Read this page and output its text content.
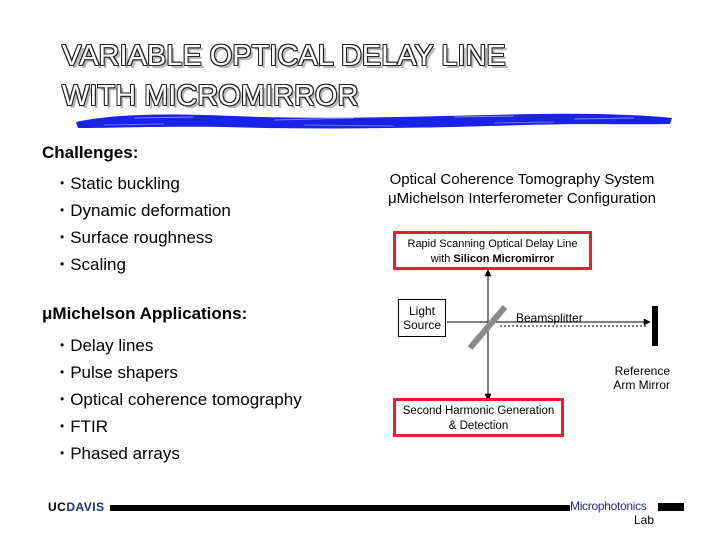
VARIABLE OPTICAL DELAY LINE
WITH MICROMIRROR
Challenges:
• Static buckling
• Dynamic deformation
• Surface roughness
• Scaling
μMichelson Applications:
• Delay lines
• Pulse shapers
• Optical coherence tomography
• FTIR
• Phased arrays
Optical Coherence Tomography System
μMichelson Interferometer Configuration
Rapid Scanning Optical Delay Line
with Silicon Micromirror
Light
Source	Beamsplitter
Reference
Arm Mirror
Second Harmonic Generation
& Detection
UCDAVIS	Microphotonics
Lab
